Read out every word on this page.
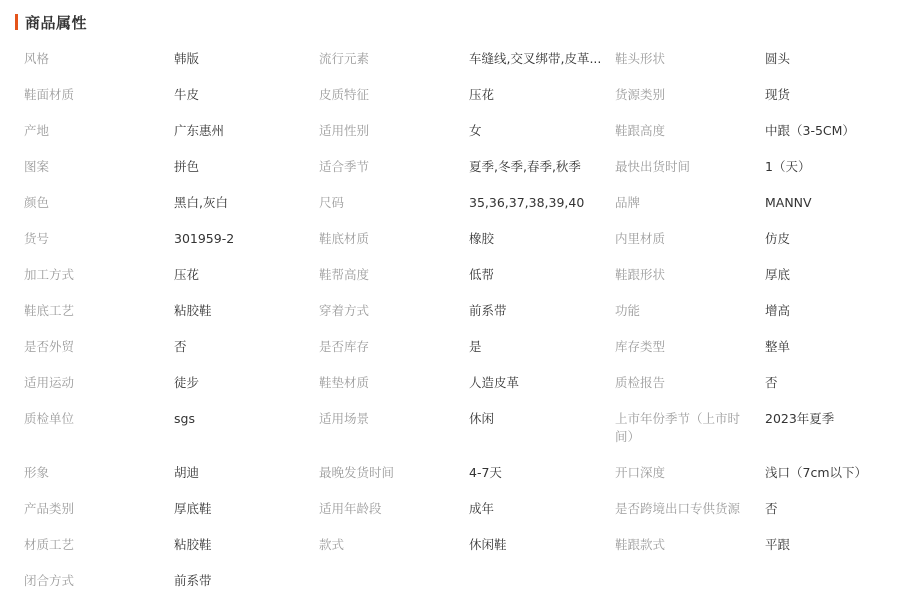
商品属性
风格	韩版	流行元素	车缝线,交叉绑带,皮革...	鞋头形状	圆头
鞋面材质	牛皮	皮质特征	压花	货源类别	现货
产地	广东惠州	适用性别	女	鞋跟高度	中跟（3-5CM）
图案	拼色	适合季节	夏季,冬季,春季,秋季	最快出货时间	1（天）
颜色	黑白,灰白	尺码	35,36,37,38,39,40	品牌	MANNV
货号	301959-2	鞋底材质	橡胶	内里材质	仿皮
加工方式	压花	鞋帮高度	低帮	鞋跟形状	厚底
鞋底工艺	粘胶鞋	穿着方式	前系带	功能	增高
是否外贸	否	是否库存	是	库存类型	整单
适用运动	徒步	鞋垫材质	人造皮革	质检报告	否
质检单位	sgs	适用场景	休闲	上市年份季节（上市时间）	2023年夏季
形象	胡迪	最晚发货时间	4-7天	开口深度	浅口（7cm以下）
产品类别	厚底鞋	适用年龄段	成年	是否跨境出口专供货源	否
材质工艺	粘胶鞋	款式	休闲鞋	鞋跟款式	平跟
闭合方式	前系带				
